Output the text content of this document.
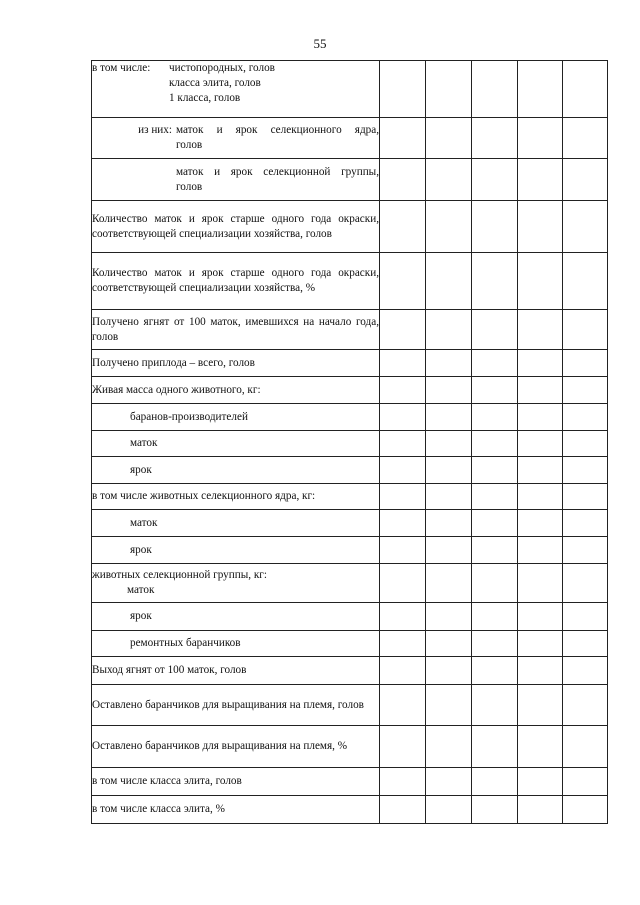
55
в том числе: чистопородных, голов
класса элита, голов
1 класса, голов					

из них: маток и ярок селекционного ядра,
голов					

маток и ярок селекционной группы,
голов					

Количество маток и ярок старше одного года окраски, соответствующей специализации хозяйства, голов					
Количество маток и ярок старше одного года окраски, соответствующей специализации хозяйства, %					
Получено ягнят от 100 маток, имевшихся на начало года, голов					
Получено приплода – всего, голов					
Живая масса одного животного, кг:					
баранов-производителей					
маток					
ярок					
в том числе животных селекционного ядра, кг:					
маток					
ярок					

животных селекционной группы, кг:
маток					

ярок					
ремонтных баранчиков					
Выход ягнят от 100 маток, голов					
Оставлено баранчиков для выращивания на племя, голов					
Оставлено баранчиков для выращивания на племя, %					
в том числе класса элита, голов					
в том числе класса элита, %					
